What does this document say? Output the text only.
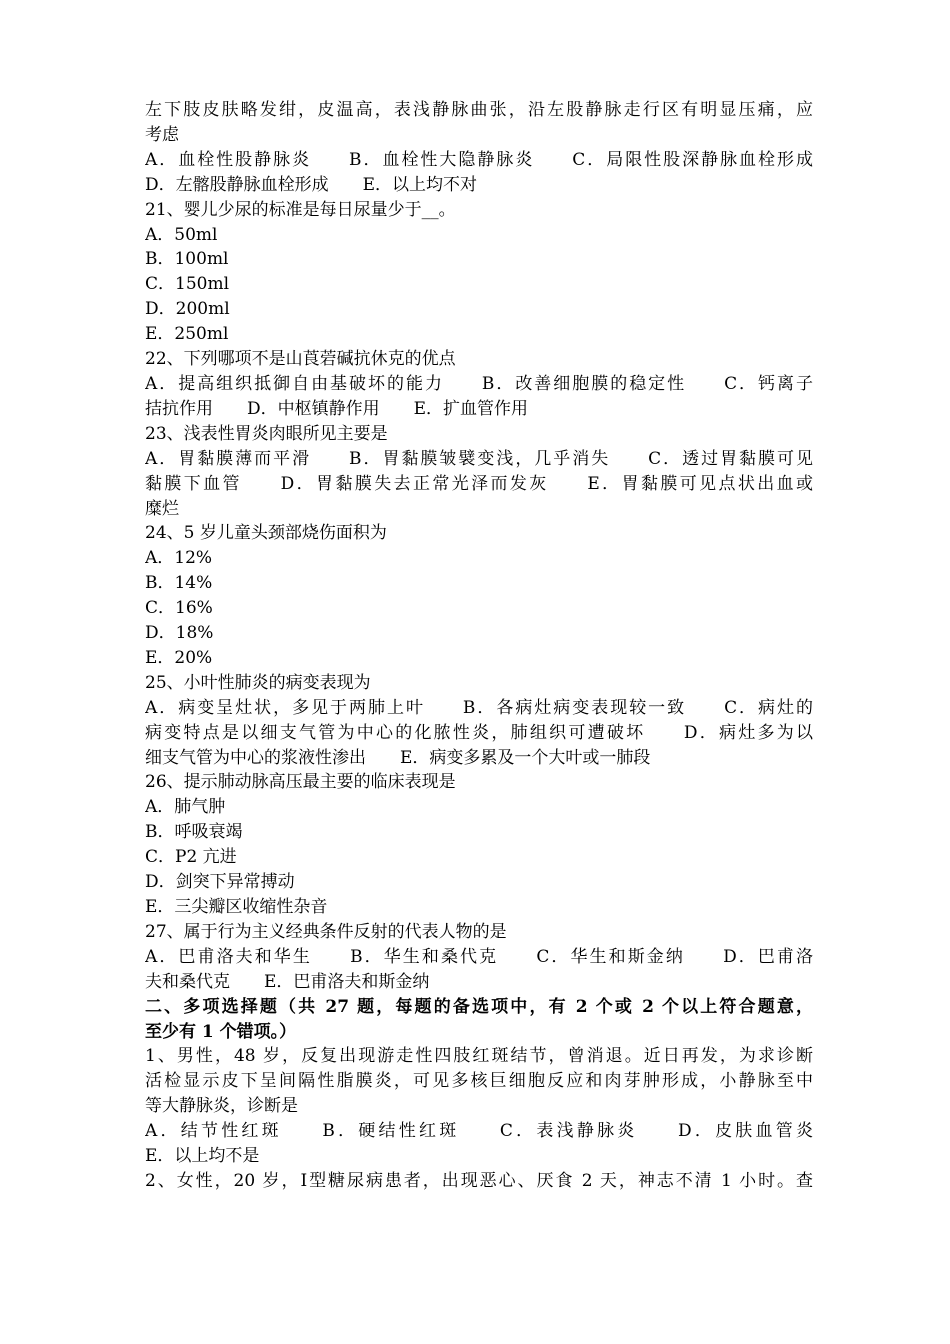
左下肢皮肤略发绀，皮温高，表浅静脉曲张，沿左股静脉走行区有明显压痛，应
考虑
A．血栓性股静脉炎　　B．血栓性大隐静脉炎　　C．局限性股深静脉血栓形成
D．左髂股静脉血栓形成　　E．以上均不对
21、婴儿少尿的标准是每日尿量少于__。
A．50ml
B．100ml
C．150ml
D．200ml
E．250ml
22、下列哪项不是山莨菪碱抗休克的优点
A．提高组织抵御自由基破坏的能力　　B．改善细胞膜的稳定性　　C．钙离子
拮抗作用　　D．中枢镇静作用　　E．扩血管作用
23、浅表性胃炎肉眼所见主要是
A．胃黏膜薄而平滑　　B．胃黏膜皱襞变浅，几乎消失　　C．透过胃黏膜可见
黏膜下血管　　D．胃黏膜失去正常光泽而发灰　　E．胃黏膜可见点状出血或
糜烂
24、5 岁儿童头颈部烧伤面积为
A．12%
B．14%
C．16%
D．18%
E．20%
25、小叶性肺炎的病变表现为
A．病变呈灶状，多见于两肺上叶　　B．各病灶病变表现较一致　　C．病灶的
病变特点是以细支气管为中心的化脓性炎，肺组织可遭破坏　　D．病灶多为以
细支气管为中心的浆液性渗出　　E．病变多累及一个大叶或一肺段
26、提示肺动脉高压最主要的临床表现是
A．肺气肿
B．呼吸衰竭
C．P2 亢进
D．剑突下异常搏动
E．三尖瓣区收缩性杂音
27、属于行为主义经典条件反射的代表人物的是
A．巴甫洛夫和华生　　B．华生和桑代克　　C．华生和斯金纳　　D．巴甫洛
夫和桑代克　　E．巴甫洛夫和斯金纳
二、多项选择题（共 27 题，每题的备选项中，有 2 个或 2 个以上符合题意，
至少有 1 个错项。）
1、男性，48 岁，反复出现游走性四肢红斑结节，曾消退。近日再发，为求诊断
活检显示皮下呈间隔性脂膜炎，可见多核巨细胞反应和肉芽肿形成，小静脉至中
等大静脉炎，诊断是
A．结节性红斑　　B．硬结性红斑　　C．表浅静脉炎　　D．皮肤血管炎
E．以上均不是
2、女性，20 岁，Ⅰ型糖尿病患者，出现恶心、厌食 2 天，神志不清 1 小时。查
